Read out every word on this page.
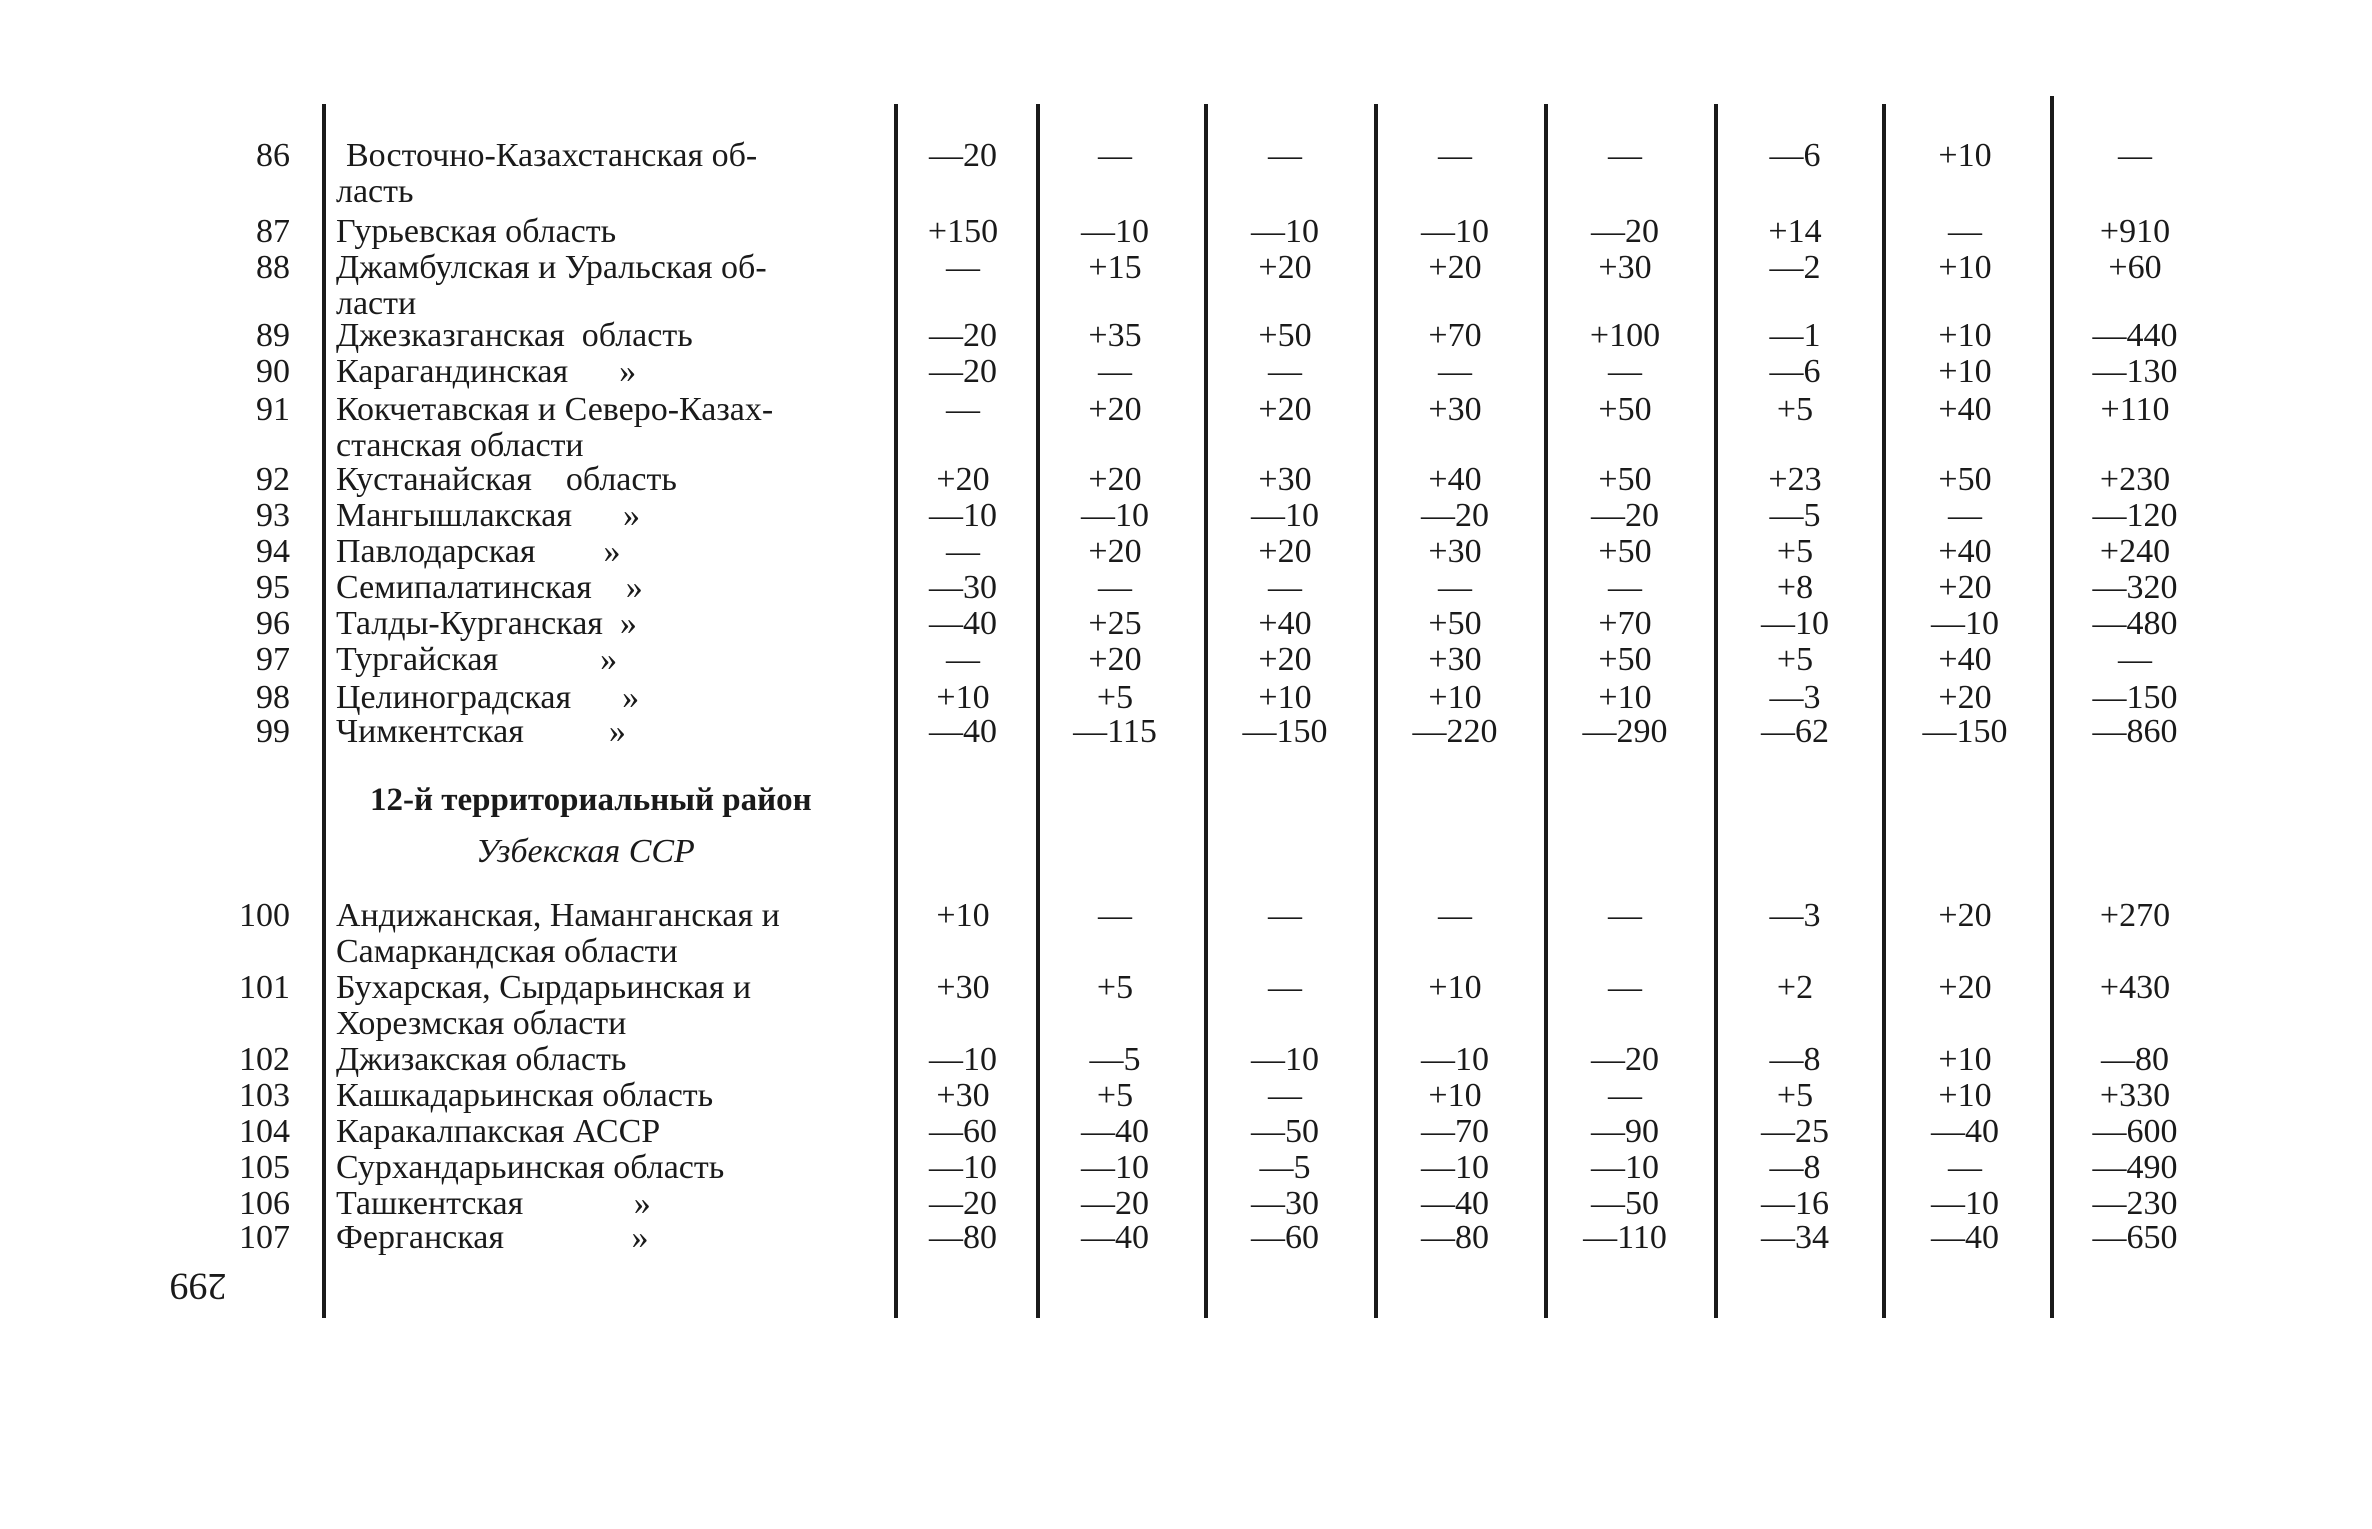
86 Восточно-Казахстанская об-
ласть
—20	—	—	—	—	—6	+10	—
87 Гурьевская область	+150	—10	—10	—10	—20	+14	—	+910
88 Джамбулская и Уральская об-
ласти
—	+15	+20	+20	+30	—2	+10	+60
89 Джезказганская  область	—20	+35	+50	+70	+100	—1	+10	—440
90 Карагандинская      »	—20	—	—	—	—	—6	+10	—130
91 Кокчетавская и Северо-Казах-
станская области
—	+20	+20	+30	+50	+5	+40	+110
92 Кустанайская    область	+20	+20	+30	+40	+50	+23	+50	+230
93 Мангышлакская      »	—10	—10	—10	—20	—20	—5	—	—120
94 Павлодарская        »	—	+20	+20	+30	+50	+5	+40	+240
95 Семипалатинская    »	—30	—	—	—	—	+8	+20	—320
96 Талды-Курганская  »	—40	+25	+40	+50	+70	—10	—10	—480
97 Тургайская            »	—	+20	+20	+30	+50	+5	+40	—
98 Целиноградская      »	+10	+5	+10	+10	+10	—3	+20	—150
99 Чимкентская          »	—40	—115	—150	—220	—290	—62	—150	—860
100 Андижанская, Наманганская и
Самаркандская области
+10	—	—	—	—	—3	+20	+270
101 Бухарская, Сырдарьинская и
Хорезмская области
+30	+5	—	+10	—	+2	+20	+430
102 Джизакская область	—10	—5	—10	—10	—20	—8	+10	—80
103 Кашкадарьинская область	+30	+5	—	+10	—	+5	+10	+330
104 Каракалпакская АССР	—60	—40	—50	—70	—90	—25	—40	—600
105 Сурхандарьинская область	—10	—10	—5	—10	—10	—8	—	—490
106 Ташкентская             »	—20	—20	—30	—40	—50	—16	—10	—230
107 Ферганская               »	—80	—40	—60	—80	—110	—34	—40	—650
12-й территориальный район
Узбекская ССР
299
